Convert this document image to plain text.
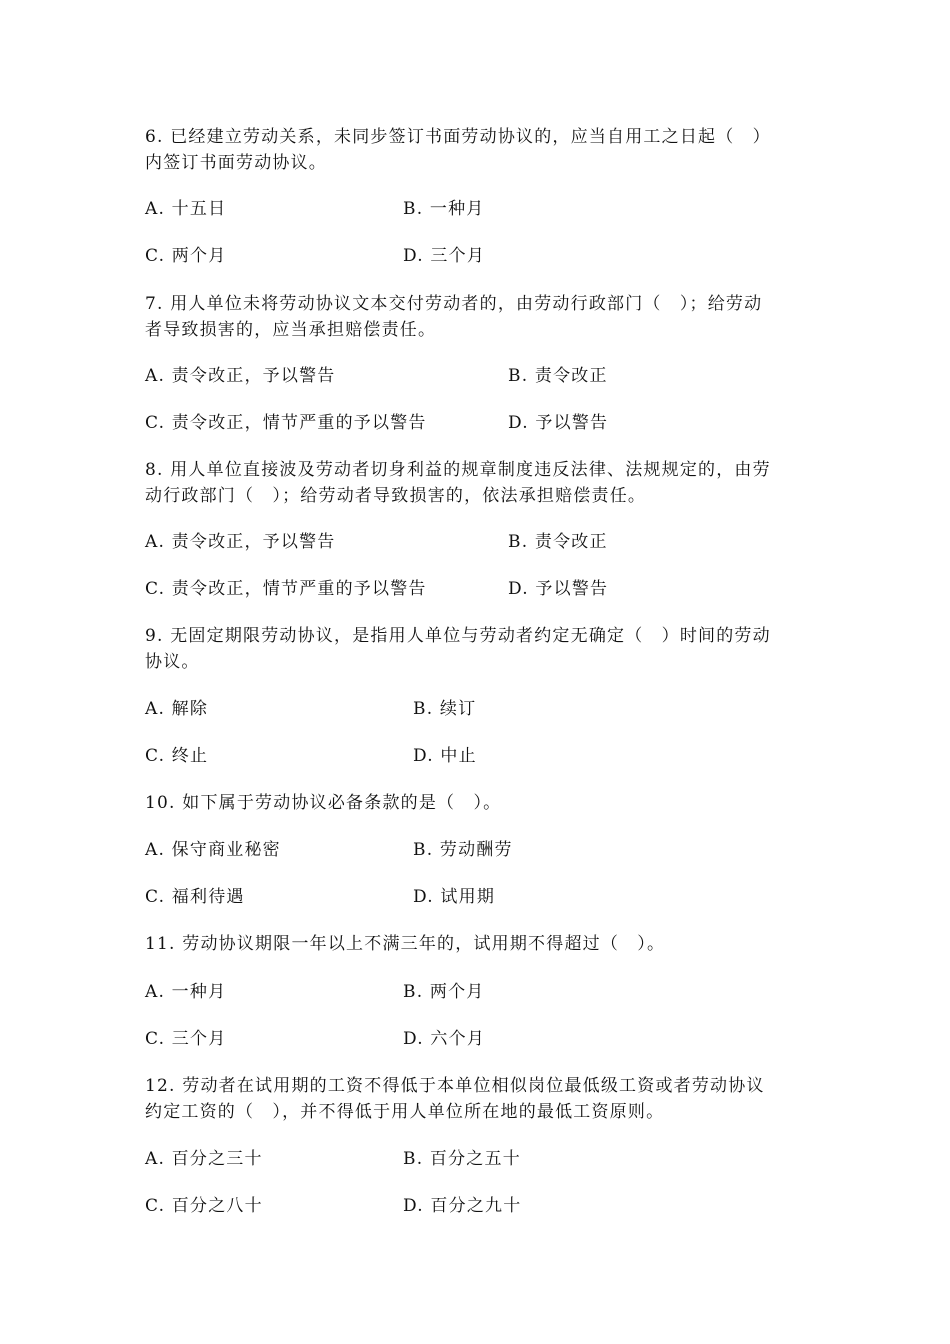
6. 已经建立劳动关系，未同步签订书面劳动协议的，应当自用工之日起（　）
内签订书面劳动协议。
A. 十五日	B. 一种月
C. 两个月	D. 三个月
7. 用人单位未将劳动协议文本交付劳动者的，由劳动行政部门（　）；给劳动
者导致损害的，应当承担赔偿责任。
A. 责令改正，予以警告	B. 责令改正
C. 责令改正，情节严重的予以警告	D. 予以警告
8. 用人单位直接波及劳动者切身利益的规章制度违反法律、法规规定的，由劳
动行政部门（　）；给劳动者导致损害的，依法承担赔偿责任。
A. 责令改正，予以警告	B. 责令改正
C. 责令改正，情节严重的予以警告	D. 予以警告
9. 无固定期限劳动协议，是指用人单位与劳动者约定无确定（　）时间的劳动
协议。
A. 解除	B. 续订
C. 终止	D. 中止
10. 如下属于劳动协议必备条款的是（　）。
A. 保守商业秘密	B. 劳动酬劳
C. 福利待遇	D. 试用期
11. 劳动协议期限一年以上不满三年的，试用期不得超过（　）。
A. 一种月	B. 两个月
C. 三个月	D. 六个月
12. 劳动者在试用期的工资不得低于本单位相似岗位最低级工资或者劳动协议
约定工资的（　），并不得低于用人单位所在地的最低工资原则。
A. 百分之三十	B. 百分之五十
C. 百分之八十	D. 百分之九十
